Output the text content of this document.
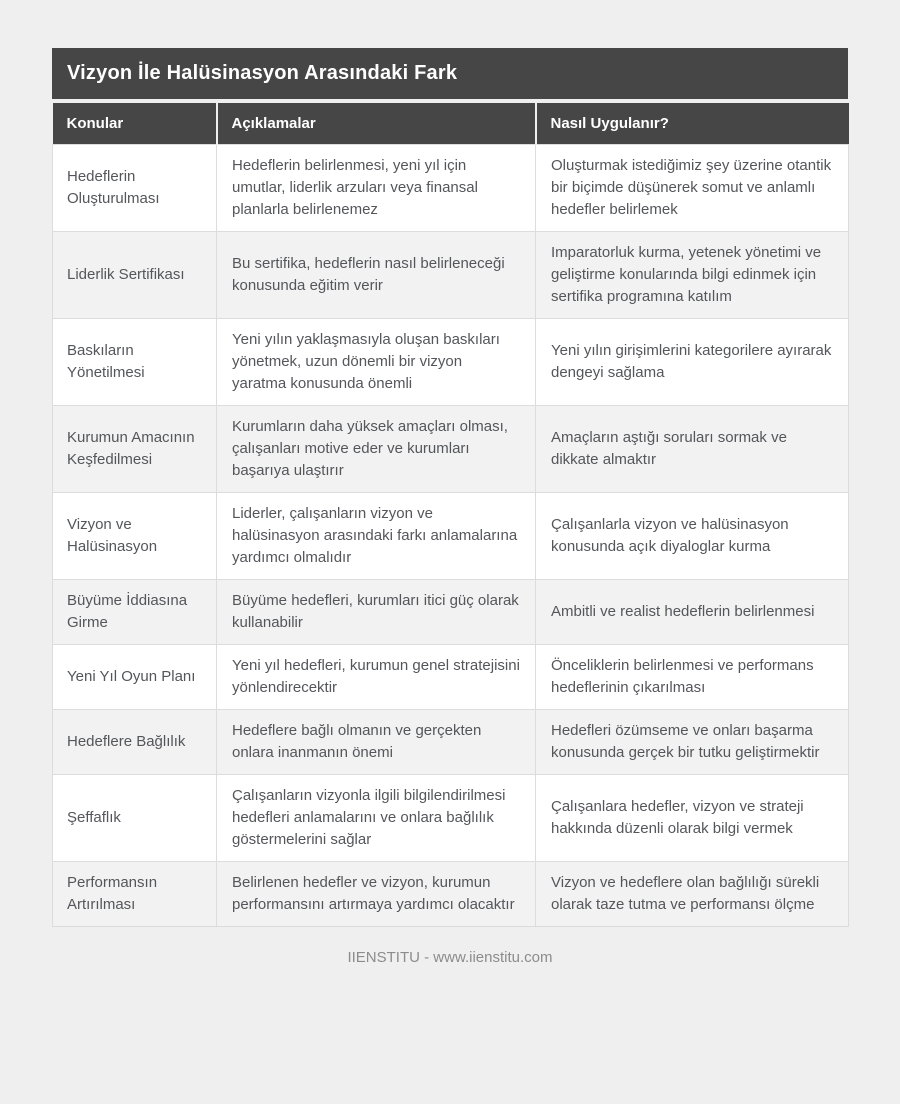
Vizyon İle Halüsinasyon Arasındaki Fark
Konular	Açıklamalar	Nasıl Uygulanır?
Hedeflerin Oluşturulması	Hedeflerin belirlenmesi, yeni yıl için umutlar, liderlik arzuları veya finansal planlarla belirlenemez	Oluşturmak istediğimiz şey üzerine otantik bir biçimde düşünerek somut ve anlamlı hedefler belirlemek
Liderlik Sertifikası	Bu sertifika, hedeflerin nasıl belirleneceği konusunda eğitim verir	Imparatorluk kurma, yetenek yönetimi ve geliştirme konularında bilgi edinmek için sertifika programına katılım
Baskıların Yönetilmesi	Yeni yılın yaklaşmasıyla oluşan baskıları yönetmek, uzun dönemli bir vizyon yaratma konusunda önemli	Yeni yılın girişimlerini kategorilere ayırarak dengeyi sağlama
Kurumun Amacının Keşfedilmesi	Kurumların daha yüksek amaçları olması, çalışanları motive eder ve kurumları başarıya ulaştırır	Amaçların aştığı soruları sormak ve dikkate almaktır
Vizyon ve Halüsinasyon	Liderler, çalışanların vizyon ve halüsinasyon arasındaki farkı anlamalarına yardımcı olmalıdır	Çalışanlarla vizyon ve halüsinasyon konusunda açık diyaloglar kurma
Büyüme İddiasına Girme	Büyüme hedefleri, kurumları itici güç olarak kullanabilir	Ambitli ve realist hedeflerin belirlenmesi
Yeni Yıl Oyun Planı	Yeni yıl hedefleri, kurumun genel stratejisini yönlendirecektir	Önceliklerin belirlenmesi ve performans hedeflerinin çıkarılması
Hedeflere Bağlılık	Hedeflere bağlı olmanın ve gerçekten onlara inanmanın önemi	Hedefleri özümseme ve onları başarma konusunda gerçek bir tutku geliştirmektir
Şeffaflık	Çalışanların vizyonla ilgili bilgilendirilmesi hedefleri anlamalarını ve onlara bağlılık göstermelerini sağlar	Çalışanlara hedefler, vizyon ve strateji hakkında düzenli olarak bilgi vermek
Performansın Artırılması	Belirlenen hedefler ve vizyon, kurumun performansını artırmaya yardımcı olacaktır	Vizyon ve hedeflere olan bağlılığı sürekli olarak taze tutma ve performansı ölçme
IIENSTITU - www.iienstitu.com
